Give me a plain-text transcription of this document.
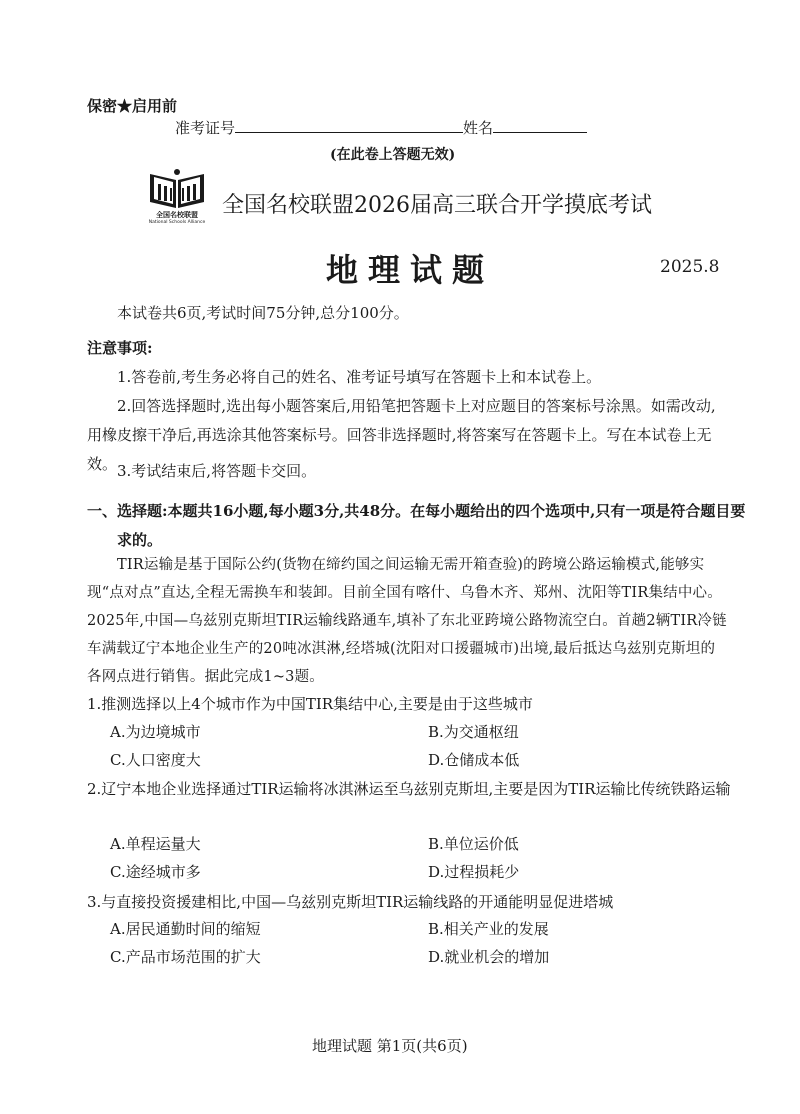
保密★启用前
准考证号	姓名
(在此卷上答题无效)
全国名校联盟
National Schools Alliance
全国名校联盟2026届高三联合开学摸底考试
地理试题	2025.8
本试卷共6页,考试时间75分钟,总分100分。
注意事项:
1.答卷前,考生务必将自己的姓名、准考证号填写在答题卡上和本试卷上。
2.回答选择题时,选出每小题答案后,用铅笔把答题卡上对应题目的答案标号涂黑。如需改动,用橡皮擦干净后,再选涂其他答案标号。回答非选择题时,将答案写在答题卡上。写在本试卷上无效。 3.考试结束后,将答题卡交回。
一、选择题:本题共16小题,每小题3分,共48分。在每小题给出的四个选项中,只有一项是符合题目要求的。
TIR运输是基于国际公约(货物在缔约国之间运输无需开箱查验)的跨境公路运输模式,能够实现“点对点”直达,全程无需换车和装卸。目前全国有喀什、乌鲁木齐、郑州、沈阳等TIR集结中心。2025年,中国—乌兹别克斯坦TIR运输线路通车,填补了东北亚跨境公路物流空白。首趟2辆TIR冷链车满载辽宁本地企业生产的20吨冰淇淋,经塔城(沈阳对口援疆城市)出境,最后抵达乌兹别克斯坦的各网点进行销售。据此完成1~3题。
1.推测选择以上4个城市作为中国TIR集结中心,主要是由于这些城市
A.为边境城市	B.为交通枢纽
C.人口密度大	D.仓储成本低
2.辽宁本地企业选择通过TIR运输将冰淇淋运至乌兹别克斯坦,主要是因为TIR运输比传统铁路运输
A.单程运量大	B.单位运价低
C.途经城市多	D.过程损耗少
3.与直接投资援建相比,中国—乌兹别克斯坦TIR运输线路的开通能明显促进塔城
A.居民通勤时间的缩短	B.相关产业的发展
C.产品市场范围的扩大	D.就业机会的增加
地理试题 第1页(共6页)
